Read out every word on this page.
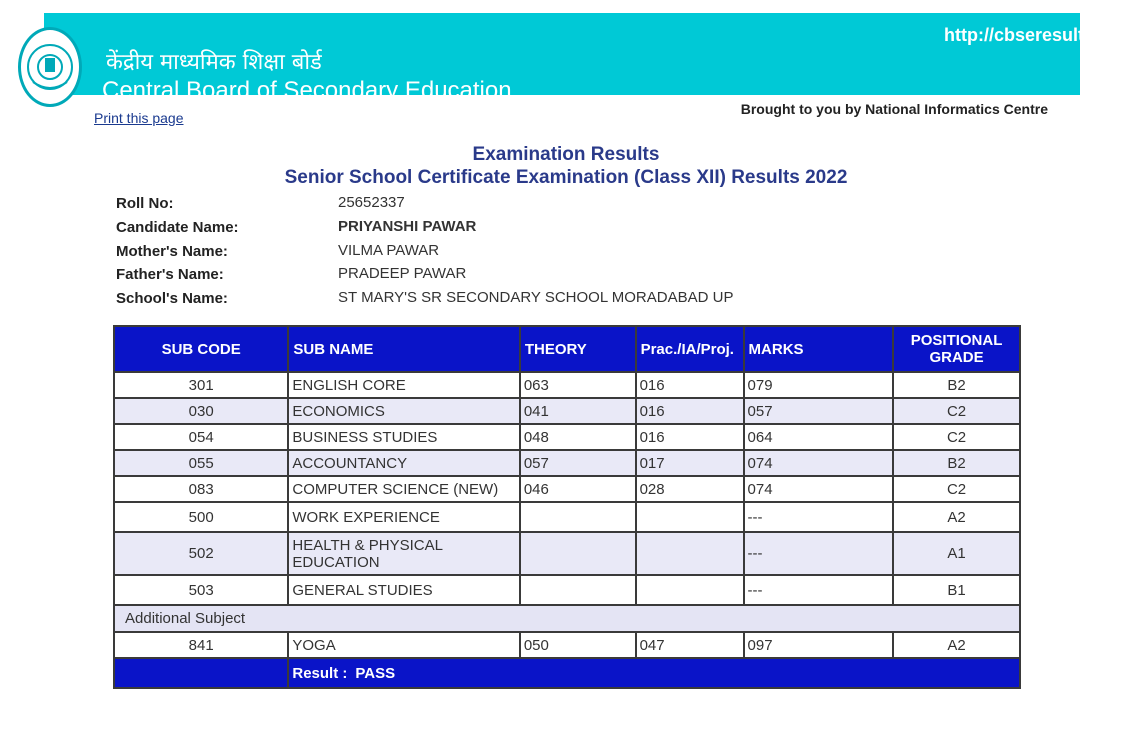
केंद्रीय माध्यमिक शिक्षा बोर्ड
Central Board of Secondary Education
http://cbseresults.nic.in
Print this page
Brought to you by National Informatics Centre
Examination Results
Senior School Certificate Examination (Class XII) Results 2022
Roll No:	25652337
Candidate Name:	PRIYANSHI PAWAR
Mother's Name:	VILMA PAWAR
Father's Name:	PRADEEP PAWAR
School's Name:	ST MARY'S SR SECONDARY SCHOOL MORADABAD UP
SUB CODE	SUB NAME	THEORY	Prac./IA/Proj.	MARKS	POSITIONAL GRADE
301	ENGLISH CORE	063	016	079	B2
030	ECONOMICS	041	016	057	C2
054	BUSINESS STUDIES	048	016	064	C2
055	ACCOUNTANCY	057	017	074	B2
083	COMPUTER SCIENCE (NEW)	046	028	074	C2
500	WORK EXPERIENCE			---	A2
502	HEALTH & PHYSICAL EDUCATION			---	A1
503	GENERAL STUDIES			---	B1
Additional Subject					
841	YOGA	050	047	097	A2
	Result : PASS				
